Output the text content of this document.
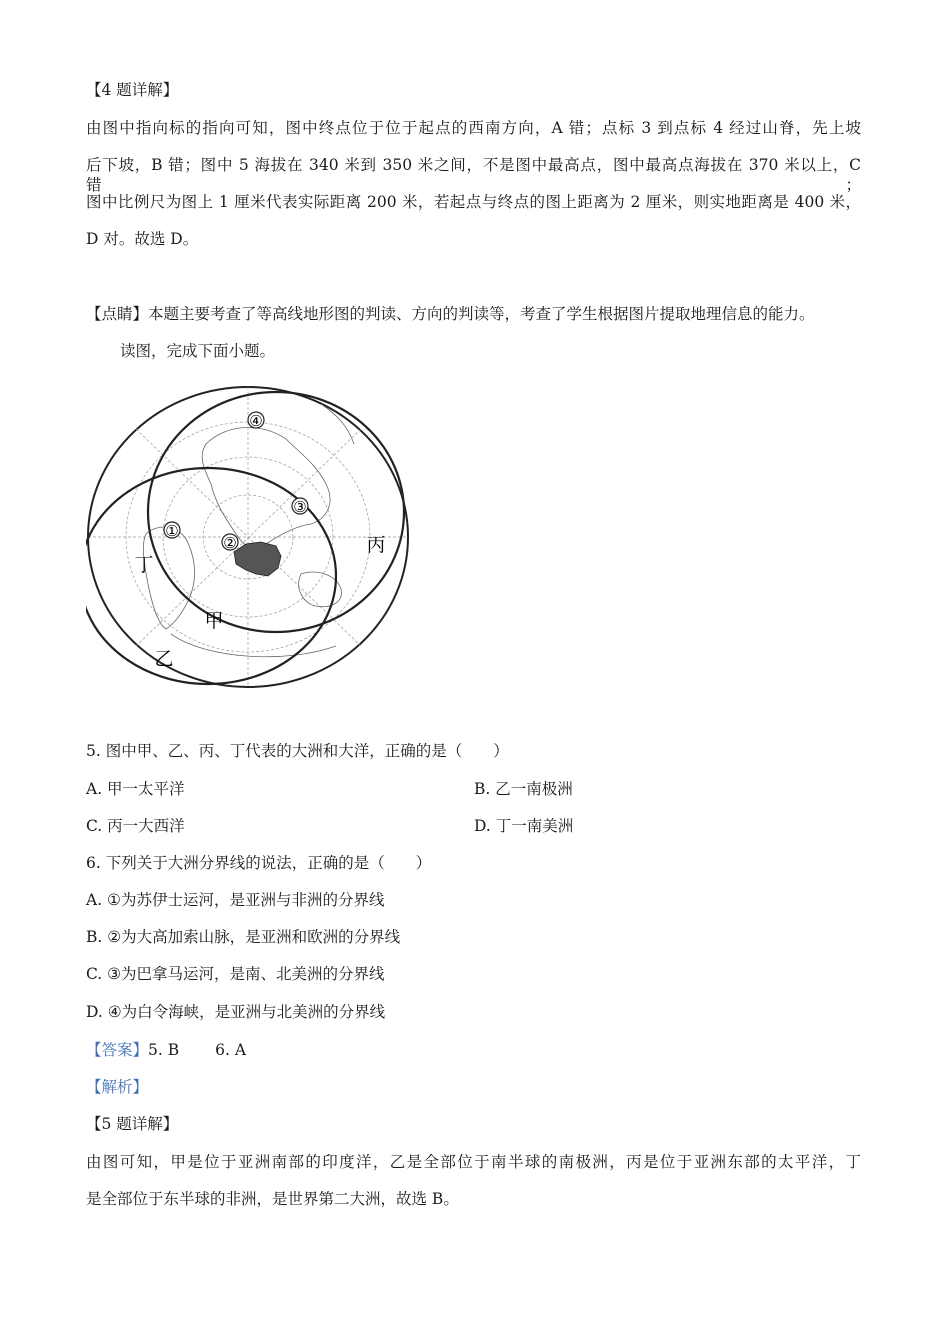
【4 题详解】
由图中指向标的指向可知，图中终点位于位于起点的西南方向，A 错；点标 3 到点标 4 经过山脊，先上坡
后下坡，B 错；图中 5 海拔在 340 米到 350 米之间，不是图中最高点，图中最高点海拔在 370 米以上，C 错；
图中比例尺为图上 1 厘米代表实际距离 200 米，若起点与终点的图上距离为 2 厘米，则实地距离是 400 米，
D 对。故选 D。
【点睛】本题主要考查了等高线地形图的判读、方向的判读等，考查了学生根据图片提取地理信息的能力。
读图，完成下面小题。
①
②
③
④
甲
乙
丙
丁
5. 图中甲、乙、丙、丁代表的大洲和大洋，正确的是（　　）
A. 甲一太平洋	B. 乙一南极洲
C. 丙一大西洋	D. 丁一南美洲
6. 下列关于大洲分界线的说法，正确的是（　　）
A. ①为苏伊士运河，是亚洲与非洲的分界线
B. ②为大高加索山脉，是亚洲和欧洲的分界线
C. ③为巴拿马运河，是南、北美洲的分界线
D. ④为白令海峡，是亚洲与北美洲的分界线
【答案】5. B 6. A
【解析】
【5 题详解】
由图可知，甲是位于亚洲南部的印度洋，乙是全部位于南半球的南极洲，丙是位于亚洲东部的太平洋，丁
是全部位于东半球的非洲，是世界第二大洲，故选 B。
